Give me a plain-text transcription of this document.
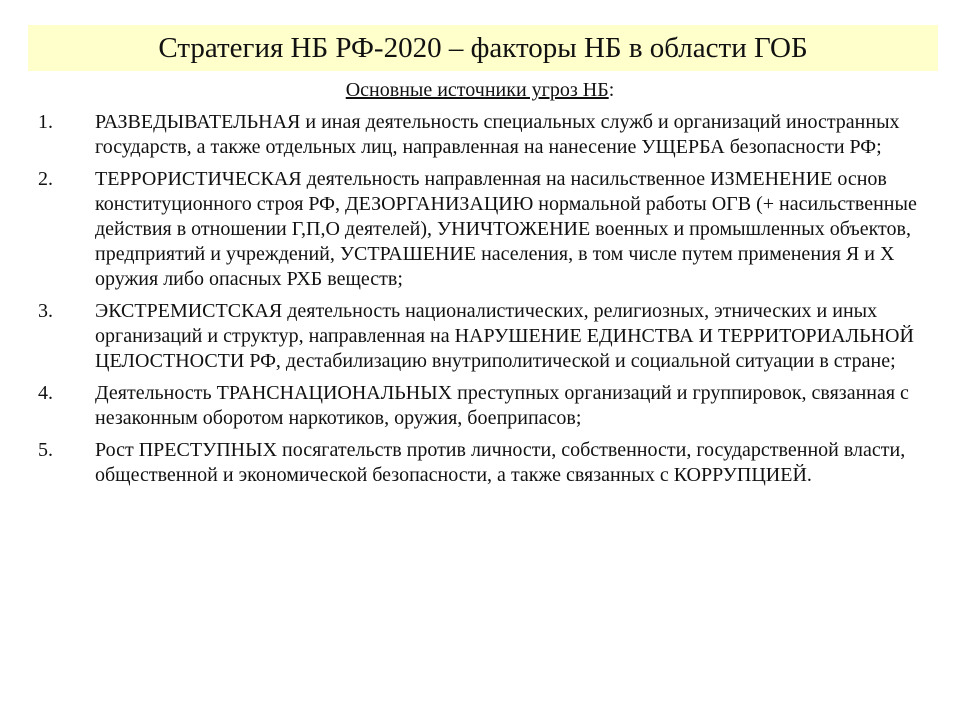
Стратегия НБ РФ-2020 – факторы НБ в области ГОБ
Основные источники угроз НБ:
1.	РАЗВЕДЫВАТЕЛЬНАЯ и иная деятельность специальных служб и организаций иностранных государств, а также отдельных лиц, направленная на нанесение УЩЕРБА безопасности РФ;
2.	ТЕРРОРИСТИЧЕСКАЯ деятельность направленная на насильственное ИЗМЕНЕНИЕ основ конституционного строя РФ, ДЕЗОРГАНИЗАЦИЮ нормальной работы ОГВ (+ насильственные действия в отношении Г,П,О деятелей), УНИЧТОЖЕНИЕ военных и промышленных объектов, предприятий и учреждений, УСТРАШЕНИЕ населения, в том числе путем применения Я и Х оружия либо опасных РХБ веществ;
3.	ЭКСТРЕМИСТСКАЯ деятельность националистических, религиозных, этнических и иных организаций и структур, направленная на НАРУШЕНИЕ ЕДИНСТВА И ТЕРРИТОРИАЛЬНОЙ ЦЕЛОСТНОСТИ РФ, дестабилизацию внутриполитической и социальной ситуации в стране;
4.	Деятельность ТРАНСНАЦИОНАЛЬНЫХ преступных организаций и группировок, связанная с незаконным оборотом наркотиков, оружия, боеприпасов;
5.	Рост ПРЕСТУПНЫХ посягательств против личности, собственности, государственной власти, общественной и экономической безопасности, а также связанных с КОРРУПЦИЕЙ.
